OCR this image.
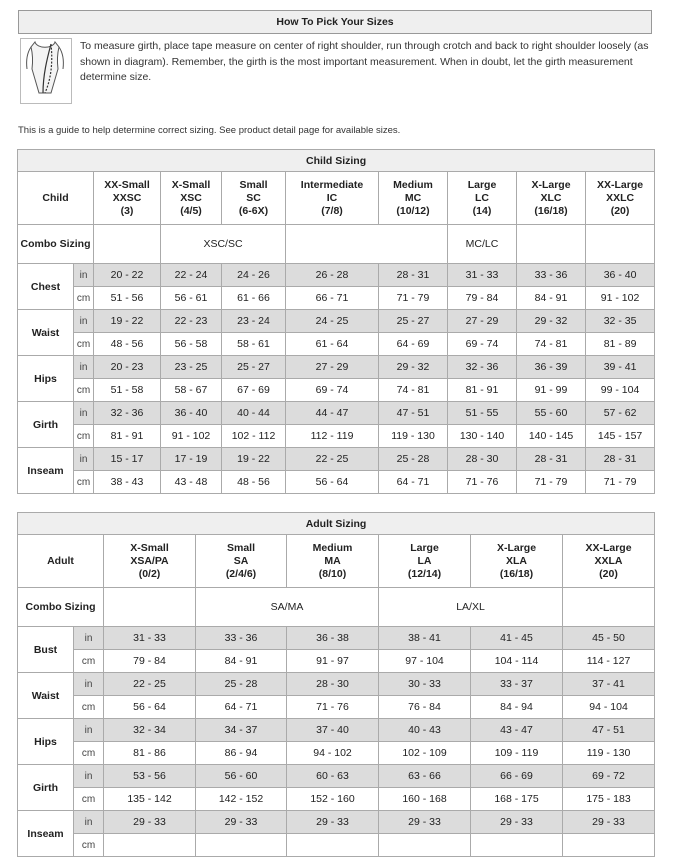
How To Pick Your Sizes
To measure girth, place tape measure on center of right shoulder, run through crotch and back to right shoulder loosely (as shown in diagram). Remember, the girth is the most important measurement. When in doubt, let the girth measurement determine size.
This is a guide to help determine correct sizing. See product detail page for available sizes.
Child Sizing									
Child		XX-Small
XXSC
(3)	X-Small
XSC
(4/5)	Small
SC
(6-6X)	Intermediate
IC
(7/8)	Medium
MC
(10/12)	Large
LC
(14)	X-Large
XLC
(16/18)	XX-Large
XXLC
(20)

Combo Sizing			XSC/SC				MC/LC		
Chest	in	20 - 22	22 - 24	24 - 26	26 - 28	28 - 31	31 - 33	33 - 36	36 - 40
	cm	51 - 56	56 - 61	61 - 66	66 - 71	71 - 79	79 - 84	84 - 91	91 - 102
Waist	in	19 - 22	22 - 23	23 - 24	24 - 25	25 - 27	27 - 29	29 - 32	32 - 35
	cm	48 - 56	56 - 58	58 - 61	61 - 64	64 - 69	69 - 74	74 - 81	81 - 89
Hips	in	20 - 23	23 - 25	25 - 27	27 - 29	29 - 32	32 - 36	36 - 39	39 - 41
	cm	51 - 58	58 - 67	67 - 69	69 - 74	74 - 81	81 - 91	91 - 99	99 - 104
Girth	in	32 - 36	36 - 40	40 - 44	44 - 47	47 - 51	51 - 55	55 - 60	57 - 62
	cm	81 - 91	91 - 102	102 - 112	112 - 119	119 - 130	130 - 140	140 - 145	145 - 157
Inseam	in	15 - 17	17 - 19	19 - 22	22 - 25	25 - 28	28 - 30	28 - 31	28 - 31
	cm	38 - 43	43 - 48	48 - 56	56 - 64	64 - 71	71 - 76	71 - 79	71 - 79
Adult Sizing							
Adult		X-Small
XSA/PA
(0/2)	Small
SA
(2/4/6)	Medium
MA
(8/10)	Large
LA
(12/14)	X-Large
XLA
(16/18)	XX-Large
XXLA
(20)

Combo Sizing			SA/MA		LA/XL		
Bust	in	31 - 33	33 - 36	36 - 38	38 - 41	41 - 45	45 - 50
	cm	79 - 84	84 - 91	91 - 97	97 - 104	104 - 114	114 - 127
Waist	in	22 - 25	25 - 28	28 - 30	30 - 33	33 - 37	37 - 41
	cm	56 - 64	64 - 71	71 - 76	76 - 84	84 - 94	94 - 104
Hips	in	32 - 34	34 - 37	37 - 40	40 - 43	43 - 47	47 - 51
	cm	81 - 86	86 - 94	94 - 102	102 - 109	109 - 119	119 - 130
Girth	in	53 - 56	56 - 60	60 - 63	63 - 66	66 - 69	69 - 72
	cm	135 - 142	142 - 152	152 - 160	160 - 168	168 - 175	175 - 183
Inseam	in	29 - 33	29 - 33	29 - 33	29 - 33	29 - 33	29 - 33
	cm						
